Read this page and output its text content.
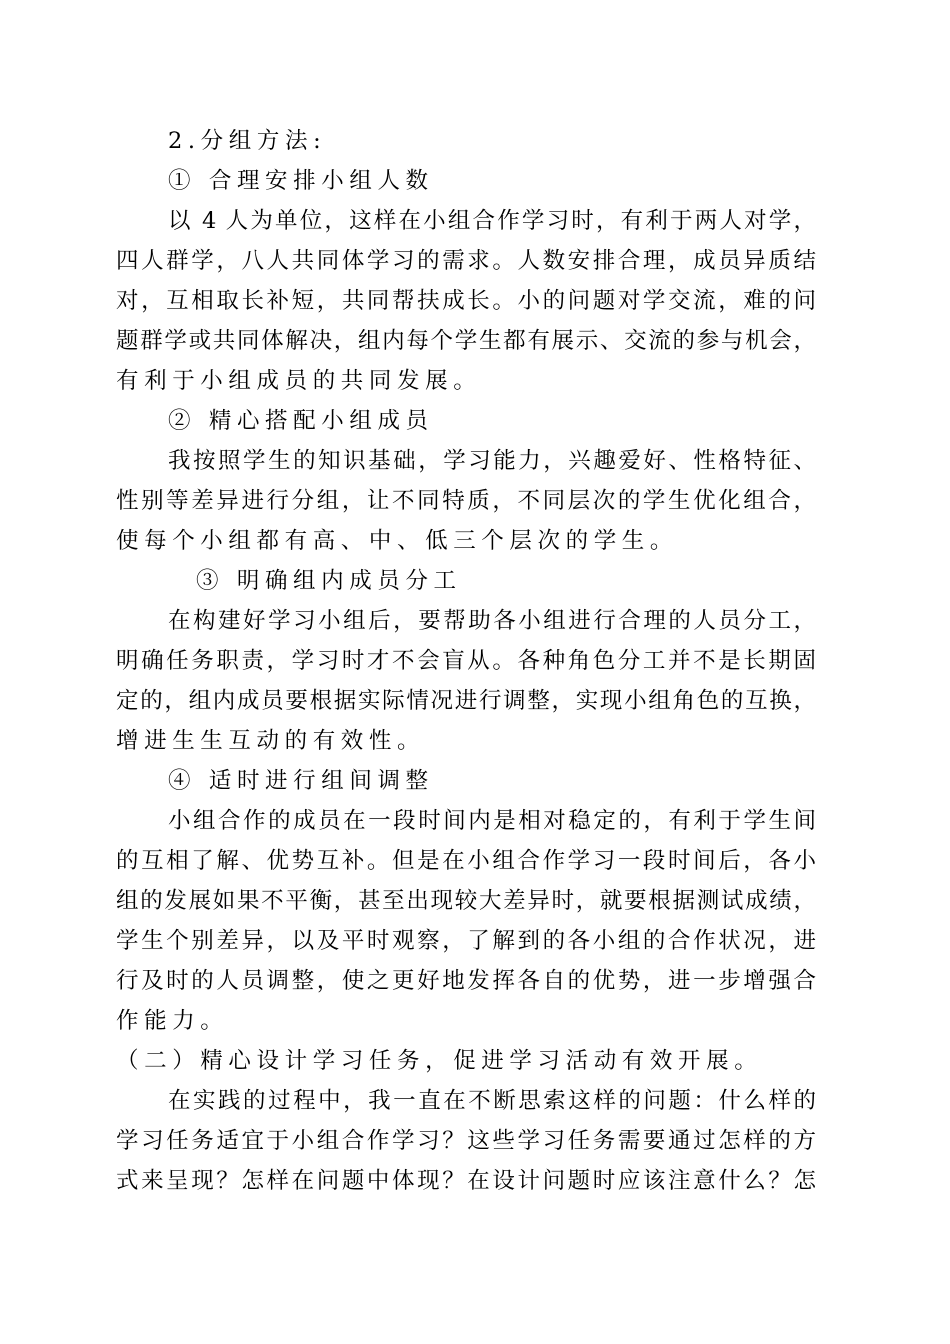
2.分组方法:
① 合理安排小组人数
以 4 人为单位，这样在小组合作学习时，有利于两人对学，
四人群学，八人共同体学习的需求。人数安排合理，成员异质结
对，互相取长补短，共同帮扶成长。小的问题对学交流，难的问
题群学或共同体解决，组内每个学生都有展示、交流的参与机会，
有利于小组成员的共同发展。
② 精心搭配小组成员
我按照学生的知识基础，学习能力，兴趣爱好、性格特征、
性别等差异进行分组，让不同特质，不同层次的学生优化组合，
使每个小组都有高、中、低三个层次的学生。
③ 明确组内成员分工
在构建好学习小组后，要帮助各小组进行合理的人员分工，
明确任务职责，学习时才不会盲从。各种角色分工并不是长期固
定的，组内成员要根据实际情况进行调整，实现小组角色的互换，
增进生生互动的有效性。
④ 适时进行组间调整
小组合作的成员在一段时间内是相对稳定的，有利于学生间
的互相了解、优势互补。但是在小组合作学习一段时间后，各小
组的发展如果不平衡，甚至出现较大差异时，就要根据测试成绩，
学生个别差异，以及平时观察，了解到的各小组的合作状况，进
行及时的人员调整，使之更好地发挥各自的优势，进一步增强合
作能力。
（二）精心设计学习任务，促进学习活动有效开展。
在实践的过程中，我一直在不断思索这样的问题：什么样的
学习任务适宜于小组合作学习？这些学习任务需要通过怎样的方
式来呈现？怎样在问题中体现？在设计问题时应该注意什么？怎
